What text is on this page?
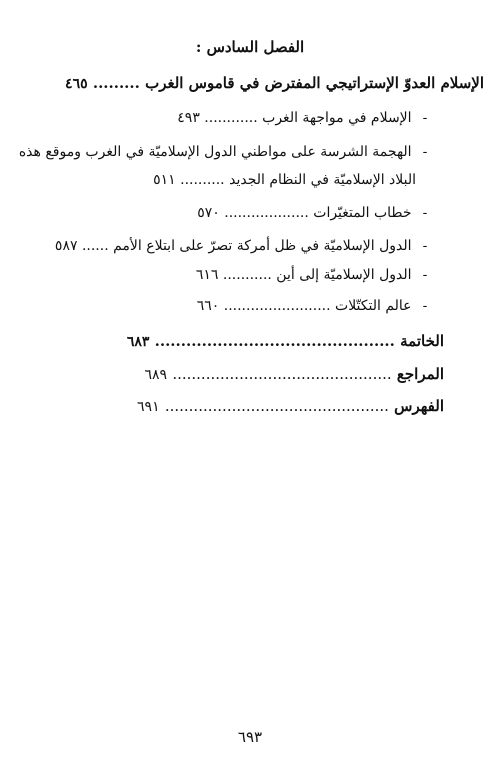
الفصل السادس :
الإسلام العدوّ الإستراتيجي المفترض في قاموس الغرب ......... ٤٦٥
- الإسلام في مواجهة الغرب ............ ٤٩٣
- الهجمة الشرسة على مواطني الدول الإسلاميّة في الغرب وموقع هذه
البلاد الإسلاميّة في النظام الجديد .......... ٥١١
- خطاب المتغيّرات ................... ٥٧٠
- الدول الإسلاميّة في ظل أمركة تصرّ على ابتلاع الأمم ...... ٥٨٧
- الدول الإسلاميّة إلى أين ........... ٦١٦
- عالم التكتّلات ........................ ٦٦٠
الخاتمة .............................................. ٦٨٣
المراجع .............................................. ٦٨٩
الفهرس ............................................... ٦٩١
٦٩٣
